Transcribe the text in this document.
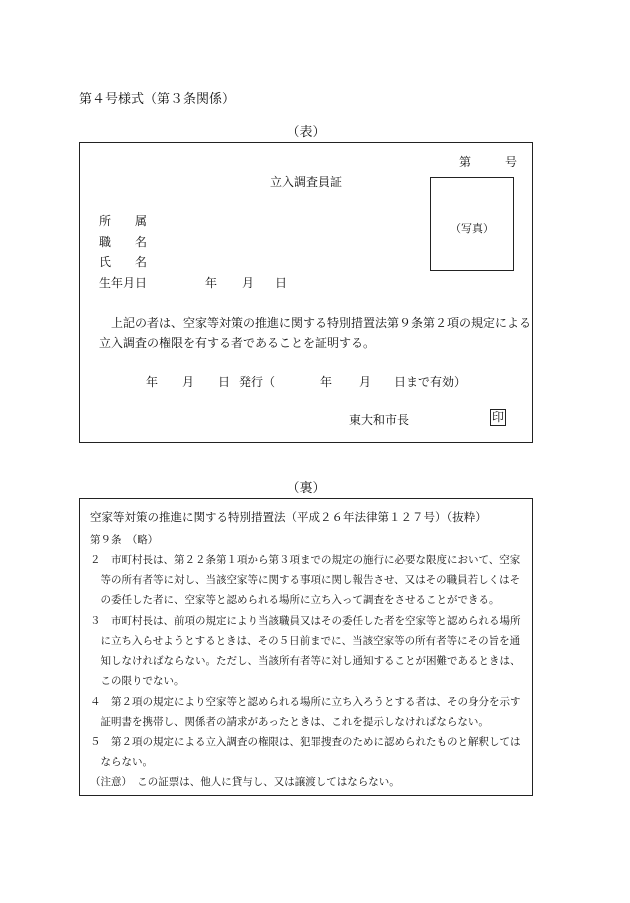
第４号様式（第３条関係）
（表）
第	号
立入調査員証
（写真）
所　　属
職　　名
氏　　名
生年月日	年 月 日
上記の者は、空家等対策の推進に関する特別措置法第９条第２項の規定による
立入調査の権限を有する者であることを証明する。
年 月 日 発行（	年 月 日まで有効）
東大和市長	印
（裏）
空家等対策の推進に関する特別措置法（平成２６年法律第１２７号）（抜粋）
第９条　（略）
２　市町村長は、第２２条第１項から第３項までの規定の施行に必要な限度において、空家
　等の所有者等に対し、当該空家等に関する事項に関し報告させ、又はその職員若しくはそ
　の委任した者に、空家等と認められる場所に立ち入って調査をさせることができる。
３　市町村長は、前項の規定により当該職員又はその委任した者を空家等と認められる場所
　に立ち入らせようとするときは、その５日前までに、当該空家等の所有者等にその旨を通
　知しなければならない。ただし、当該所有者等に対し通知することが困難であるときは、
　この限りでない。
４　第２項の規定により空家等と認められる場所に立ち入ろうとする者は、その身分を示す
　証明書を携帯し、関係者の請求があったときは、これを提示しなければならない。
５　第２項の規定による立入調査の権限は、犯罪捜査のために認められたものと解釈しては
　ならない。
（注意）　この証票は、他人に貸与し、又は譲渡してはならない。
